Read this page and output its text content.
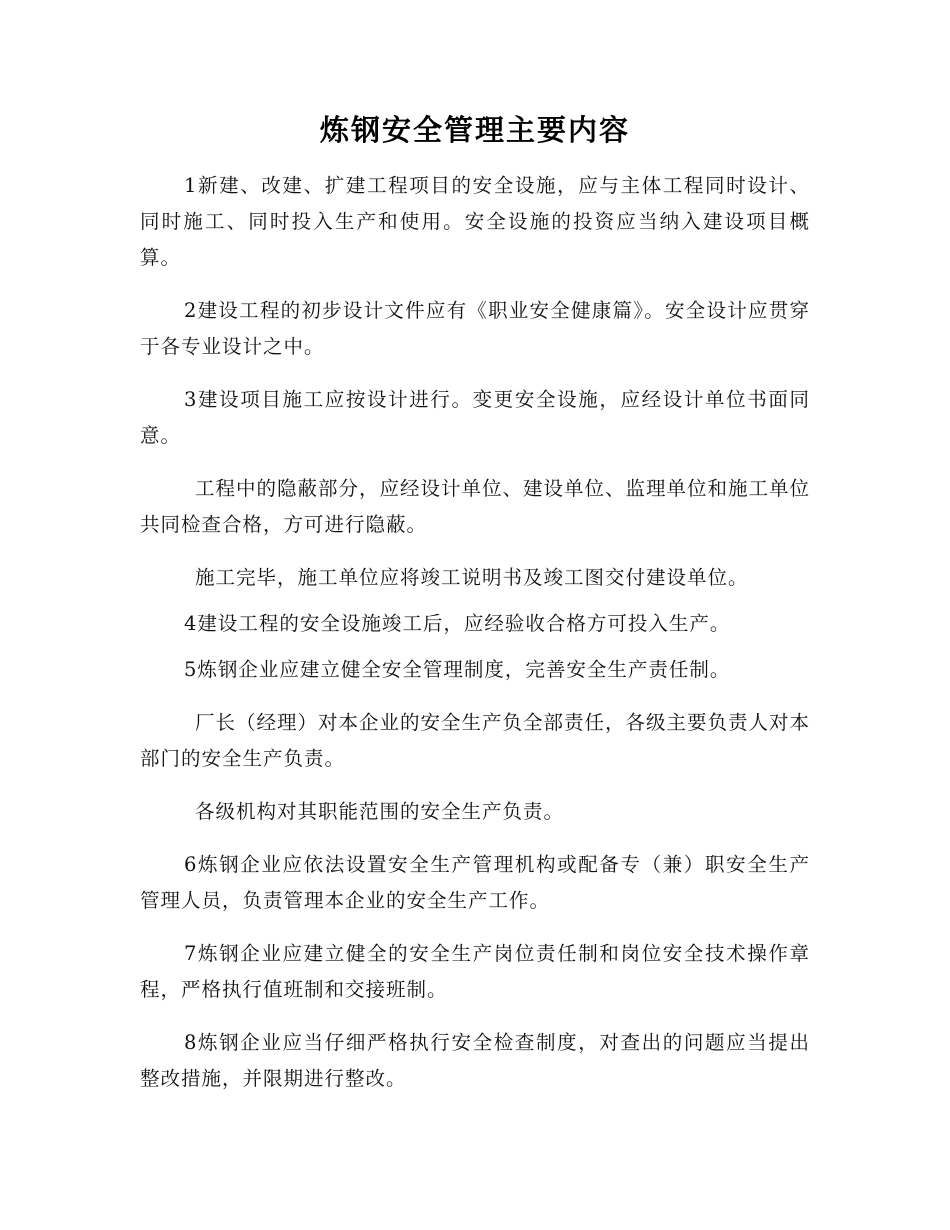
炼钢安全管理主要内容

1新建、改建、扩建工程项目的安全设施，应与主体工程同时设计、同时施工、同时投入生产和使用。安全设施的投资应当纳入建设项目概算。

2建设工程的初步设计文件应有《职业安全健康篇》。安全设计应贯穿于各专业设计之中。

3建设项目施工应按设计进行。变更安全设施，应经设计单位书面同意。

工程中的隐蔽部分，应经设计单位、建设单位、监理单位和施工单位共同检查合格，方可进行隐蔽。

施工完毕，施工单位应将竣工说明书及竣工图交付建设单位。

4建设工程的安全设施竣工后，应经验收合格方可投入生产。

5炼钢企业应建立健全安全管理制度，完善安全生产责任制。

厂长（经理）对本企业的安全生产负全部责任，各级主要负责人对本部门的安全生产负责。

各级机构对其职能范围的安全生产负责。

6炼钢企业应依法设置安全生产管理机构或配备专（兼）职安全生产管理人员，负责管理本企业的安全生产工作。

7炼钢企业应建立健全的安全生产岗位责任制和岗位安全技术操作章程，严格执行值班制和交接班制。

8炼钢企业应当仔细严格执行安全检查制度，对查出的问题应当提出整改措施，并限期进行整改。
